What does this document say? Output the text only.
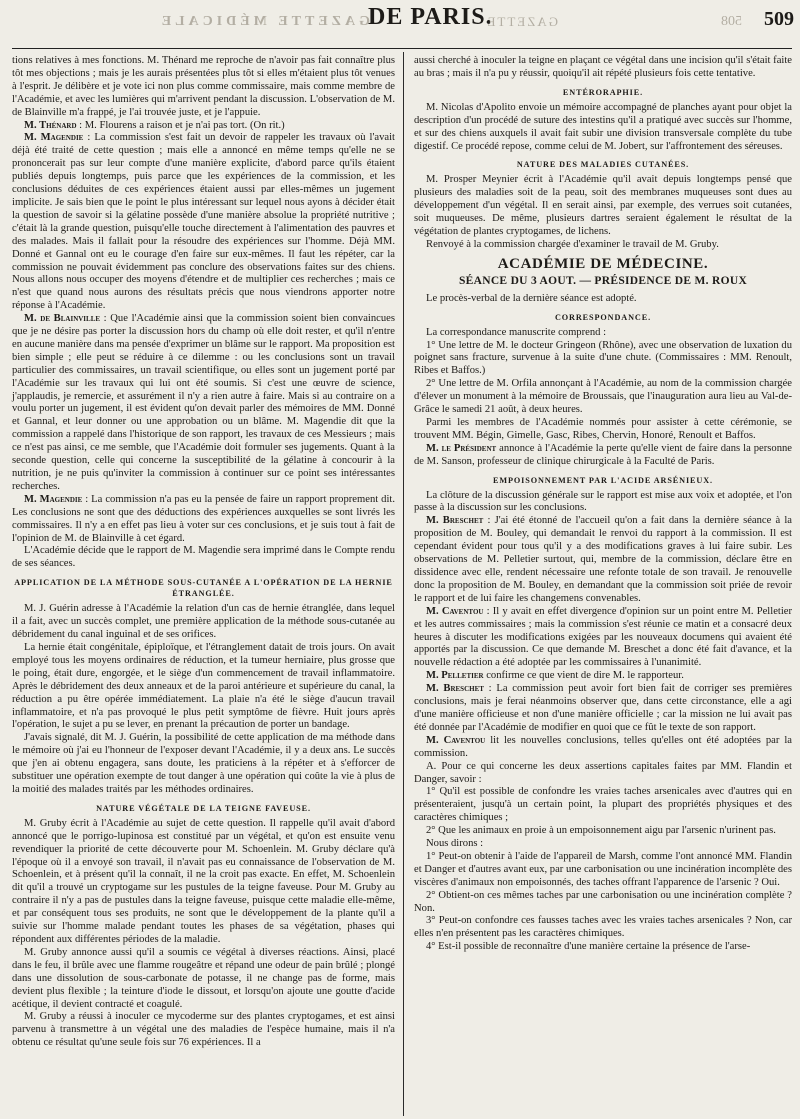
GAZETTE MÉDICALE
DE PARIS.
GAZETTE	508	509

tions relatives à mes fonctions. M. Thénard me reproche de n'avoir pas fait connaître plus tôt mes objections ; mais je les aurais présentées plus tôt si elles m'étaient plus tôt venues à l'esprit. Je délibère et je vote ici non plus comme commissaire, mais comme membre de l'Académie, et avec les lumières qui m'arrivent pendant la discussion. L'observation de M. de Blainville m'a frappé, je l'ai trouvée juste, et je l'appuie.

M. Thénard : M. Flourens a raison et je n'ai pas tort. (On rit.)

M. Magendie : La commission s'est fait un devoir de rappeler les travaux où l'avait déjà été traité de cette question ; mais elle a annoncé en même temps qu'elle ne se prononcerait pas sur leur compte d'une manière explicite, d'abord parce qu'ils étaient publiés depuis longtemps, puis parce que les expériences de la commission, et les conclusions déduites de ces expériences étaient aussi par elles-mêmes un jugement implicite. Je sais bien que le point le plus intéressant sur lequel nous ayons à décider était la question de savoir si la gélatine possède d'une manière absolue la propriété nutritive ; c'était là la grande question, puisqu'elle touche directement à l'alimentation des pauvres et des malades. Mais il fallait pour la résoudre des expériences sur l'homme. Déjà MM. Donné et Gannal ont eu le courage d'en faire sur eux-mêmes. Il faut les répéter, car la commission ne pouvait évidemment pas conclure des observations faites sur des chiens. Nous allons nous occuper des moyens d'étendre et de multiplier ces recherches ; mais ce n'est que quand nous aurons des résultats précis que nous viendrons apporter notre réponse à l'Académie.

M. de Blainville : Que l'Académie ainsi que la commission soient bien convaincues que je ne désire pas porter la discussion hors du champ où elle doit rester, et qu'il n'entre en aucune manière dans ma pensée d'exprimer un blâme sur le rapport. Ma proposition est bien simple ; elle peut se réduire à ce dilemme : ou les conclusions sont un travail particulier des commissaires, un travail scientifique, ou elles sont un jugement porté par l'Académie sur les travaux qui lui ont été soumis. Si c'est une œuvre de science, j'applaudis, je remercie, et assurément il n'y a rien autre à faire. Mais si au contraire on a voulu porter un jugement, il est évident qu'on devait parler des mémoires de MM. Donné et Gannal, et leur donner ou une approbation ou un blâme. M. Magendie dit que la commission a rappelé dans l'historique de son rapport, les travaux de ces Messieurs ; mais ce n'est pas ainsi, ce me semble, que l'Académie doit formuler ses jugements. Quant à la seconde question, celle qui concerne la susceptibilité de la gélatine à concourir à la nutrition, je ne puis qu'inviter la commission à continuer sur ce point ses intéressantes recherches.

M. Magendie : La commission n'a pas eu la pensée de faire un rapport proprement dit. Les conclusions ne sont que des déductions des expériences auxquelles se sont livrés les commissaires. Il n'y a en effet pas lieu à voter sur ces conclusions, et je suis tout à fait de l'opinion de M. de Blainville à cet égard.

L'Académie décide que le rapport de M. Magendie sera imprimé dans le Compte rendu de ses séances.

APPLICATION DE LA MÉTHODE SOUS-CUTANÉE A L'OPÉRATION DE LA HERNIE ÉTRANGLÉE.

M. J. Guérin adresse à l'Académie la relation d'un cas de hernie étranglée, dans lequel il a fait, avec un succès complet, une première application de la méthode sous-cutanée au débridement du canal inguinal et de ses orifices.

La hernie était congénitale, épiploïque, et l'étranglement datait de trois jours. On avait employé tous les moyens ordinaires de réduction, et la tumeur herniaire, plus grosse que le poing, était dure, engorgée, et le siège d'un commencement de travail inflammatoire. Après le débridement des deux anneaux et de la paroi antérieure et supérieure du canal, la réduction a pu être opérée immédiatement. La plaie n'a été le siège d'aucun travail inflammatoire, et n'a pas provoqué le plus petit symptôme de fièvre. Huit jours après l'opération, le sujet a pu se lever, en prenant la précaution de porter un bandage.

J'avais signalé, dit M. J. Guérin, la possibilité de cette application de ma méthode dans le mémoire où j'ai eu l'honneur de l'exposer devant l'Académie, il y a deux ans. Le succès que j'en ai obtenu engagera, sans doute, les praticiens à la répéter et à s'efforcer de substituer une opération exempte de tout danger à une opération qui coûte la vie à plus de la moitié des malades traités par les méthodes ordinaires.

NATURE VÉGÉTALE DE LA TEIGNE FAVEUSE.

M. Gruby écrit à l'Académie au sujet de cette question. Il rappelle qu'il avait d'abord annoncé que le porrigo-lupinosa est constitué par un végétal, et qu'on est ensuite venu revendiquer la priorité de cette découverte pour M. Schoenlein. M. Gruby déclare qu'à l'époque où il a envoyé son travail, il n'avait pas eu connaissance de l'observation de M. Schoenlein, et à présent qu'il la connaît, il ne la croit pas exacte. En effet, M. Schoenlein dit qu'il a trouvé un cryptogame sur les pustules de la teigne faveuse. Pour M. Gruby au contraire il n'y a pas de pustules dans la teigne faveuse, puisque cette maladie elle-même, et par conséquent tous ses produits, ne sont que le développement de la plante qu'il a suivie sur l'homme malade pendant toutes les phases de sa végétation, phases qui répondent aux différentes périodes de la maladie.

M. Gruby annonce aussi qu'il a soumis ce végétal à diverses réactions. Ainsi, placé dans le feu, il brûle avec une flamme rougeâtre et répand une odeur de pain brûlé ; plongé dans une dissolution de sous-carbonate de potasse, il ne change pas de forme, mais devient plus flexible ; la teinture d'iode le dissout, et lorsqu'on ajoute une goutte d'acide acétique, il devient contracté et coagulé.

M. Gruby a réussi à inoculer ce mycoderme sur des plantes cryptogames, et est ainsi parvenu à transmettre à un végétal une des maladies de l'espèce humaine, mais il n'a obtenu ce résultat qu'une seule fois sur 76 expériences. Il a

aussi cherché à inoculer la teigne en plaçant ce végétal dans une incision qu'il s'était faite au bras ; mais il n'a pu y réussir, quoiqu'il ait répété plusieurs fois cette tentative.

ENTÉRORAPHIE.

M. Nicolas d'Apolito envoie un mémoire accompagné de planches ayant pour objet la description d'un procédé de suture des intestins qu'il a pratiqué avec succès sur l'homme, et sur des chiens auxquels il avait fait subir une division transversale complète du tube digestif. Ce procédé repose, comme celui de M. Jobert, sur l'affrontement des séreuses.

NATURE DES MALADIES CUTANÉES.

M. Prosper Meynier écrit à l'Académie qu'il avait depuis longtemps pensé que plusieurs des maladies soit de la peau, soit des membranes muqueuses sont dues au développement d'un végétal. Il en serait ainsi, par exemple, des verrues soit cutanées, soit muqueuses. De même, plusieurs dartres seraient également le résultat de la végétation de plantes cryptogames, de lichens.

Renvoyé à la commission chargée d'examiner le travail de M. Gruby.

ACADÉMIE DE MÉDECINE.
SÉANCE DU 3 AOUT. — PRÉSIDENCE DE M. ROUX

Le procès-verbal de la dernière séance est adopté.

CORRESPONDANCE.

La correspondance manuscrite comprend :

1° Une lettre de M. le docteur Gringeon (Rhône), avec une observation de luxation du poignet sans fracture, survenue à la suite d'une chute. (Commissaires : MM. Renoult, Ribes et Baffos.)

2° Une lettre de M. Orfila annonçant à l'Académie, au nom de la commission chargée d'élever un monument à la mémoire de Broussais, que l'inauguration aura lieu au Val-de-Grâce le samedi 21 août, à deux heures.

Parmi les membres de l'Académie nommés pour assister à cette cérémonie, se trouvent MM. Bégin, Gimelle, Gasc, Ribes, Chervin, Honoré, Renoult et Baffos.

M. le Président annonce à l'Académie la perte qu'elle vient de faire dans la personne de M. Sanson, professeur de clinique chirurgicale à la Faculté de Paris.

EMPOISONNEMENT PAR L'ACIDE ARSÉNIEUX.

La clôture de la discussion générale sur le rapport est mise aux voix et adoptée, et l'on passe à la discussion sur les conclusions.

M. Breschet : J'ai été étonné de l'accueil qu'on a fait dans la dernière séance à la proposition de M. Bouley, qui demandait le renvoi du rapport à la commission. Il est cependant évident pour tous qu'il y a des modifications graves à lui faire subir. Les observations de M. Pelletier surtout, qui, membre de la commission, déclare être en dissidence avec elle, rendent nécessaire une refonte totale de son travail. Je renouvelle donc la proposition de M. Bouley, en demandant que la commission soit priée de revoir le rapport et de lui faire les changemens convenables.

M. Caventou : Il y avait en effet divergence d'opinion sur un point entre M. Pelletier et les autres commissaires ; mais la commission s'est réunie ce matin et a consacré deux heures à discuter les modifications exigées par les nouveaux documens qui avaient été apportés par la discussion. Ce que demande M. Breschet a donc été fait d'avance, et la nouvelle rédaction a été adoptée par les commissaires à l'unanimité.

M. Pelletier confirme ce que vient de dire M. le rapporteur.

M. Breschet : La commission peut avoir fort bien fait de corriger ses premières conclusions, mais je ferai néanmoins observer que, dans cette circonstance, elle a agi d'une manière officieuse et non d'une manière officielle ; car la mission ne lui avait pas été donnée par l'Académie de modifier en quoi que ce fût le texte de son rapport.

M. Caventou lit les nouvelles conclusions, telles qu'elles ont été adoptées par la commission.

A. Pour ce qui concerne les deux assertions capitales faites par MM. Flandin et Danger, savoir :

1° Qu'il est possible de confondre les vraies taches arsenicales avec d'autres qui en présenteraient, jusqu'à un certain point, la plupart des propriétés physiques et des caractères chimiques ;

2° Que les animaux en proie à un empoisonnement aigu par l'arsenic n'urinent pas.

Nous dirons :

1° Peut-on obtenir à l'aide de l'appareil de Marsh, comme l'ont annoncé MM. Flandin et Danger et d'autres avant eux, par une carbonisation ou une incinération incomplète des viscères d'animaux non empoisonnés, des taches offrant l'apparence de l'arsenic ? Oui.

2° Obtient-on ces mêmes taches par une carbonisation ou une incinération complète ? Non.

3° Peut-on confondre ces fausses taches avec les vraies taches arsenicales ? Non, car elles n'en présentent pas les caractères chimiques.

4° Est-il possible de reconnaître d'une manière certaine la présence de l'arse-
